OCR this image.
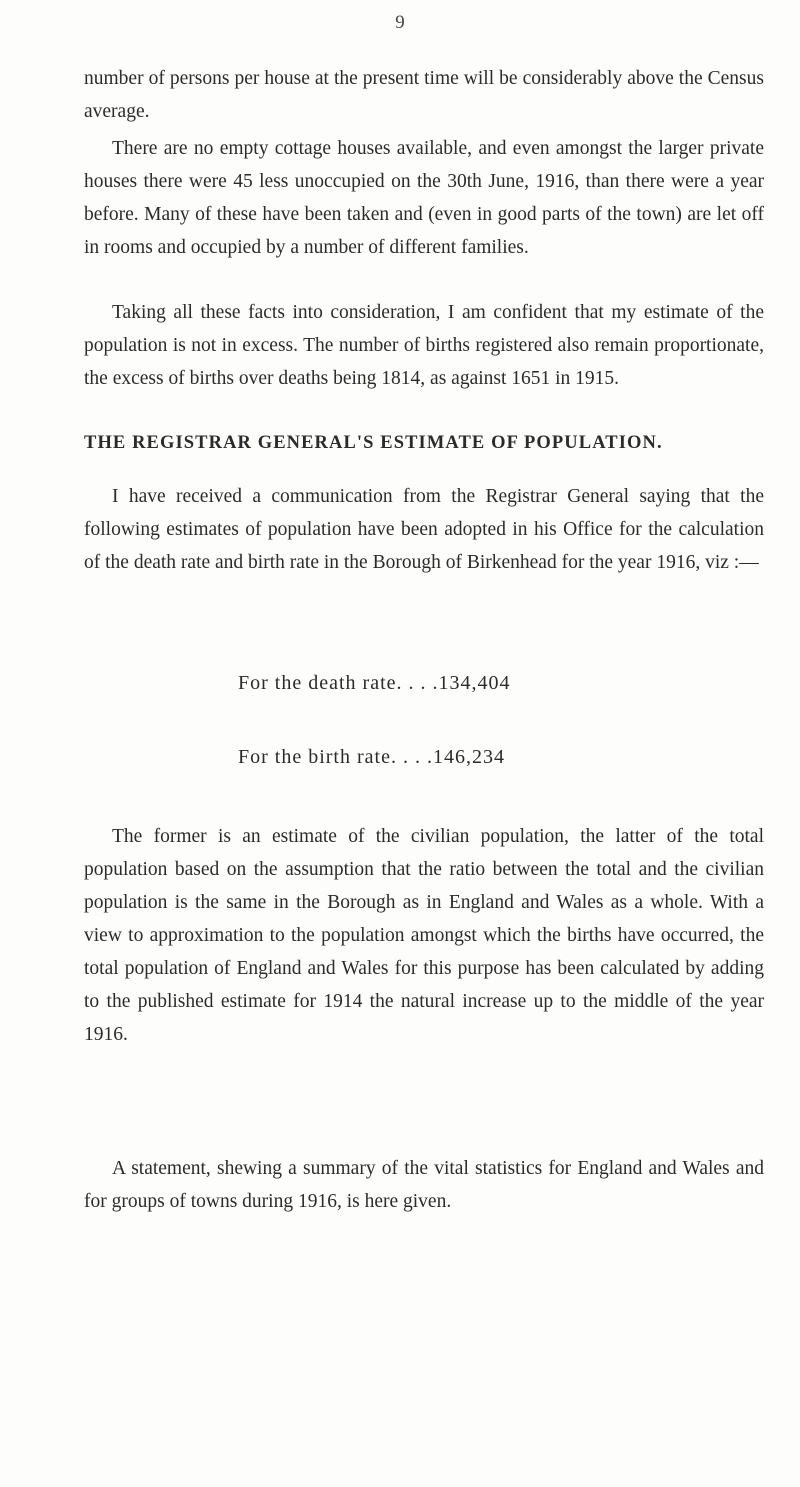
9

number of persons per house at the present time will be considerably above the Census average.

There are no empty cottage houses available, and even amongst the larger private houses there were 45 less unoccupied on the 30th June, 1916, than there were a year before. Many of these have been taken and (even in good parts of the town) are let off in rooms and occupied by a number of different families.

Taking all these facts into consideration, I am confident that my estimate of the population is not in excess. The number of births registered also remain proportionate, the excess of births over deaths being 1814, as against 1651 in 1915.

THE REGISTRAR GENERAL'S ESTIMATE OF POPULATION.

I have received a communication from the Registrar General saying that the following estimates of population have been adopted in his Office for the calculation of the death rate and birth rate in the Borough of Birkenhead for the year 1916, viz :—

For the death rate. . . .134,404
For the birth rate. . . .146,234

The former is an estimate of the civilian population, the latter of the total population based on the assumption that the ratio between the total and the civilian population is the same in the Borough as in England and Wales as a whole. With a view to approximation to the population amongst which the births have occurred, the total population of England and Wales for this purpose has been calculated by adding to the published estimate for 1914 the natural increase up to the middle of the year 1916.

A statement, shewing a summary of the vital statistics for England and Wales and for groups of towns during 1916, is here given.
